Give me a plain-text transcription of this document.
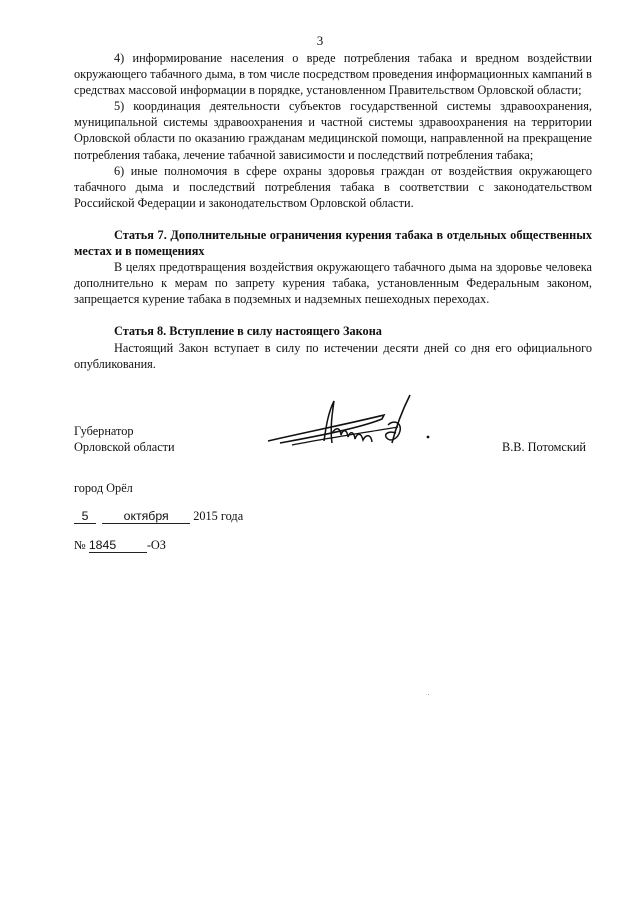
3

4) информирование населения о вреде потребления табака и вредном воздействии окружающего табачного дыма, в том числе посредством проведения информационных кампаний в средствах массовой информации в порядке, установленном Правительством Орловской области;

5) координация деятельности субъектов государственной системы здравоохранения, муниципальной системы здравоохранения и частной системы здравоохранения на территории Орловской области по оказанию гражданам медицинской помощи, направленной на прекращение потребления табака, лечение табачной зависимости и последствий потребления табака;

6) иные полномочия в сфере охраны здоровья граждан от воздействия окружающего табачного дыма и последствий потребления табака в соответствии с законодательством Российской Федерации и законодательством Орловской области.

Статья 7. Дополнительные ограничения курения табака в отдельных общественных местах и в помещениях

В целях предотвращения воздействия окружающего табачного дыма на здоровье человека дополнительно к мерам по запрету курения табака, установленным Федеральным законом, запрещается курение табака в подземных и надземных пешеходных переходах.

Статья 8. Вступление в силу настоящего Закона

Настоящий Закон вступает в силу по истечении десяти дней со дня его официального опубликования.

Губернатор
Орловской области	В.В. Потомский
город Орёл
5	октября 2015 года
№ 1845 -ОЗ
